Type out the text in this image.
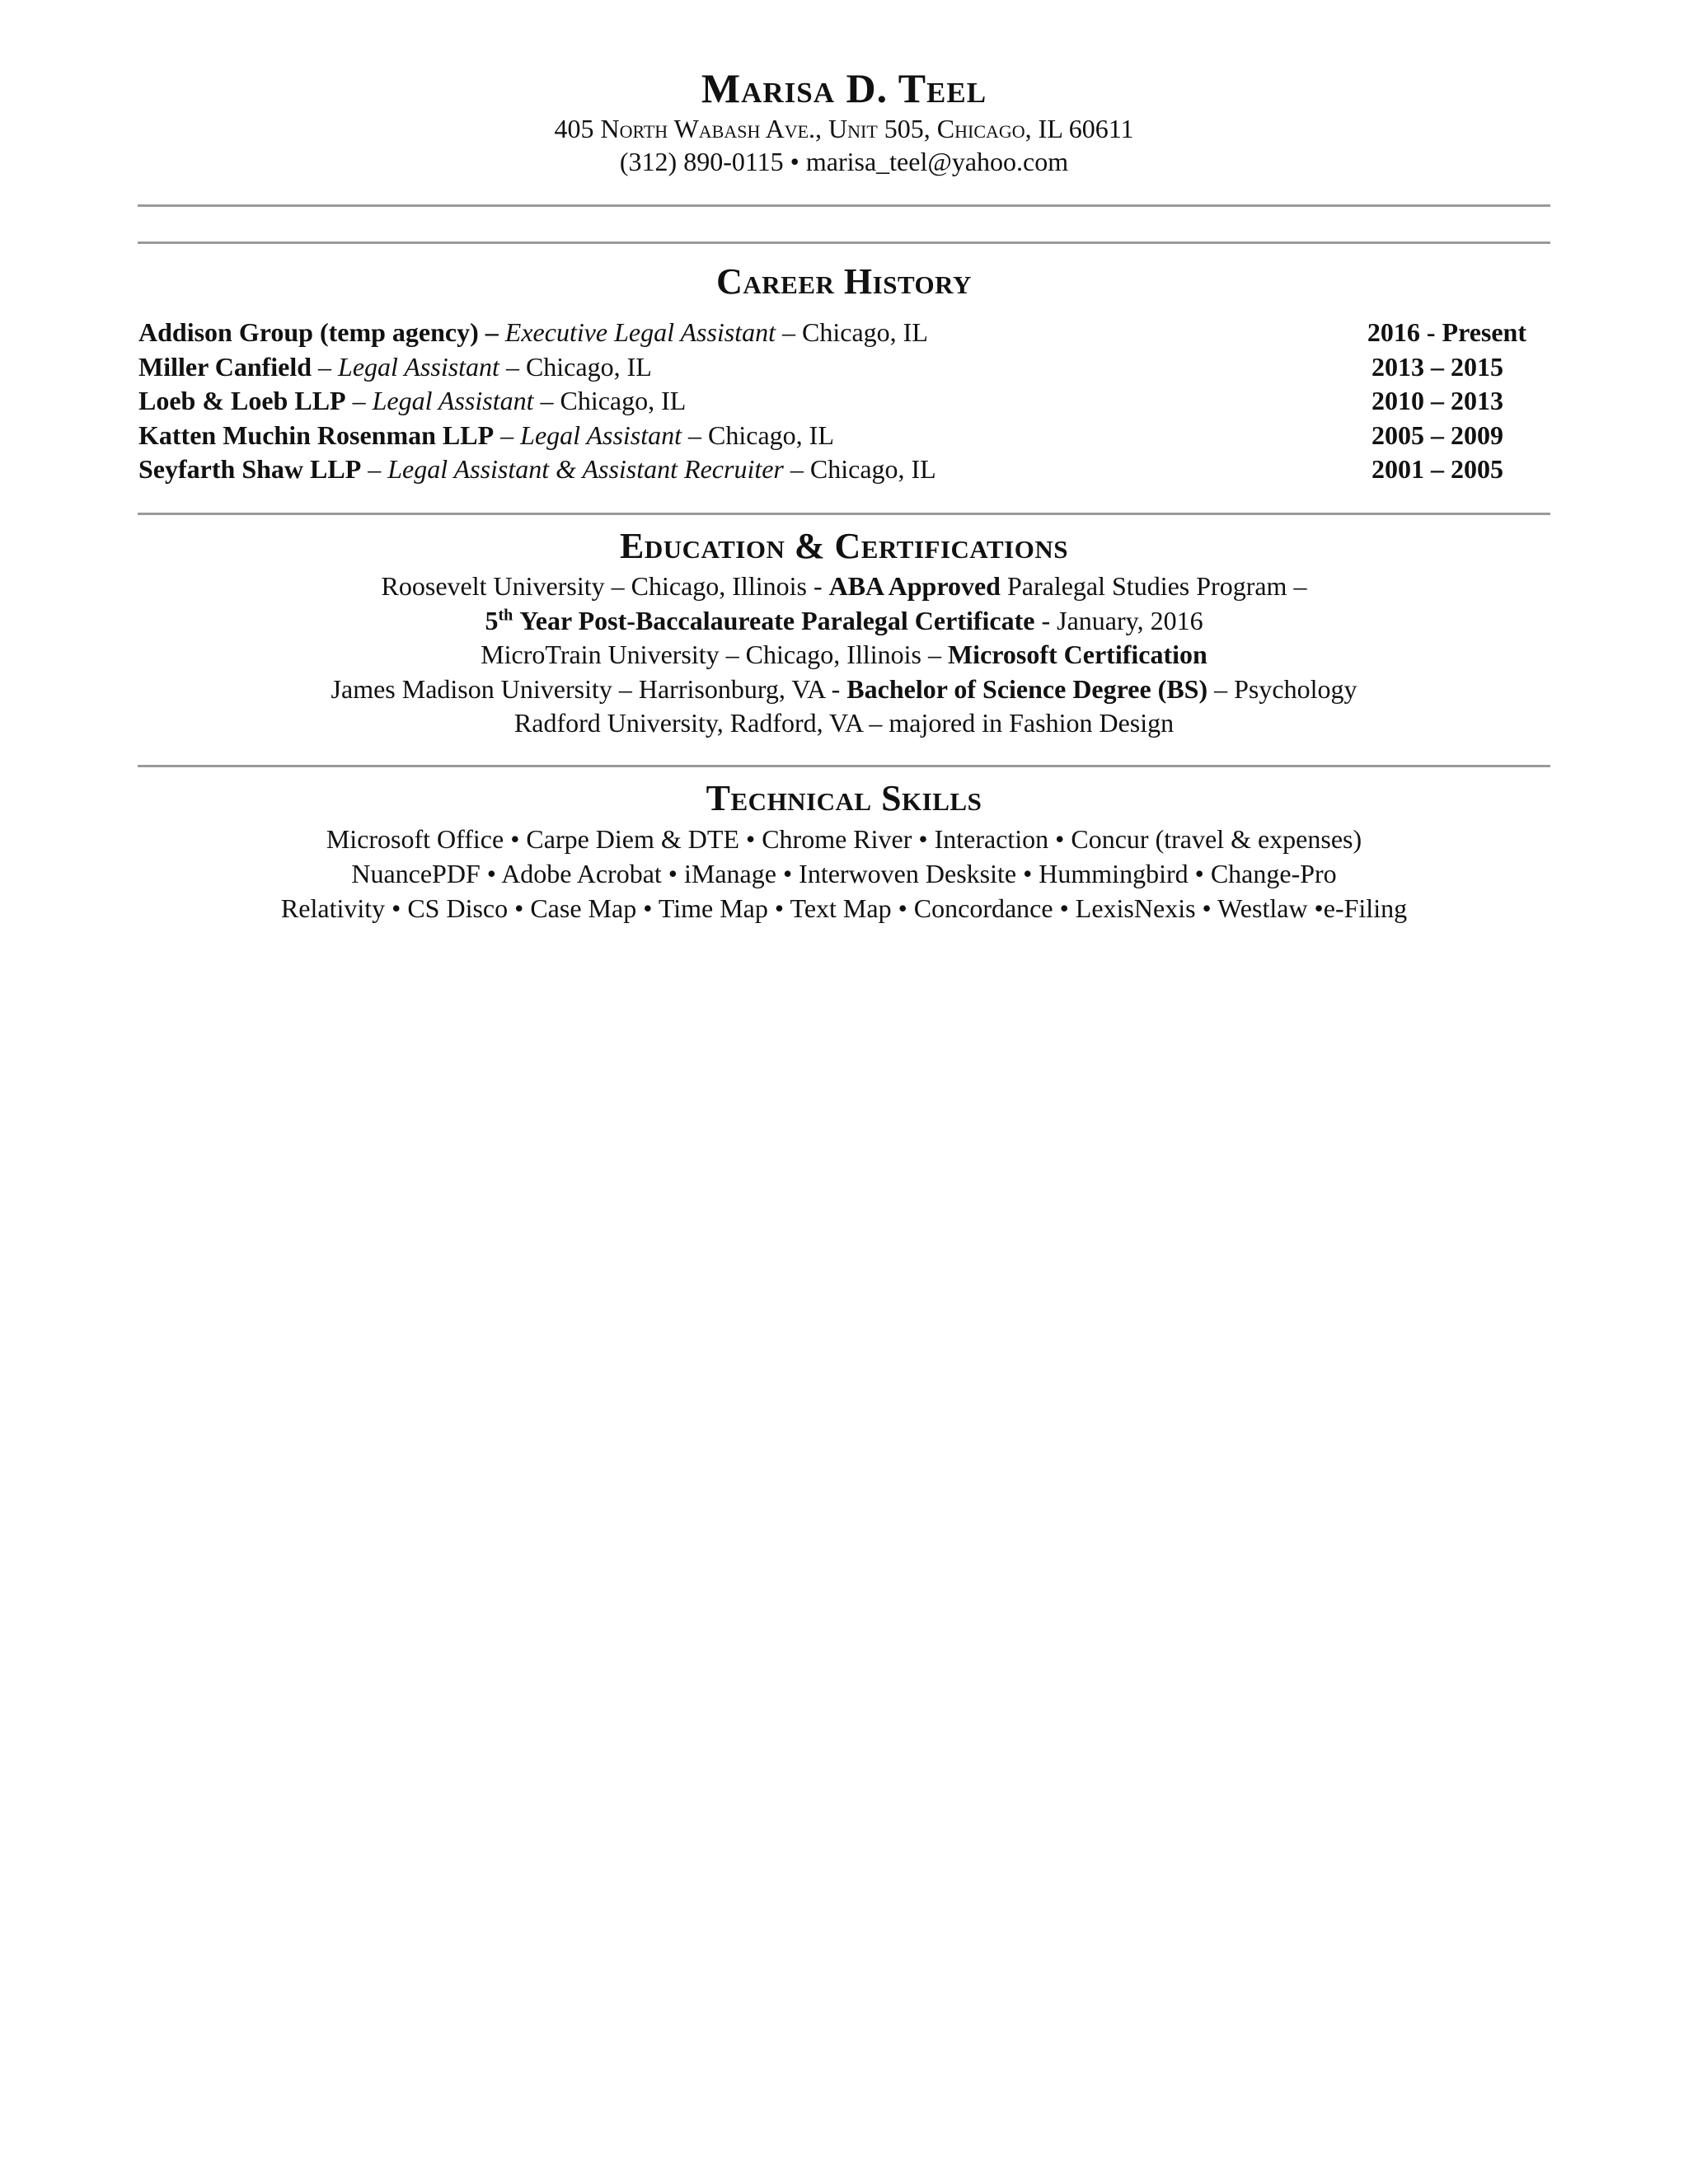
Marisa D. Teel
405 North Wabash Ave., Unit 505, Chicago, IL 60611
(312) 890-0115 • marisa_teel@yahoo.com
Career History
Addison Group (temp agency) – Executive Legal Assistant – Chicago, IL	2016 - Present
Miller Canfield – Legal Assistant – Chicago, IL	2013 – 2015
Loeb & Loeb LLP – Legal Assistant – Chicago, IL	2010 – 2013
Katten Muchin Rosenman LLP – Legal Assistant – Chicago, IL	2005 – 2009
Seyfarth Shaw LLP – Legal Assistant & Assistant Recruiter – Chicago, IL	2001 – 2005
Education & Certifications
Roosevelt University – Chicago, Illinois - ABA Approved Paralegal Studies Program –
5th Year Post-Baccalaureate Paralegal Certificate - January, 2016
MicroTrain University – Chicago, Illinois – Microsoft Certification
James Madison University – Harrisonburg, VA - Bachelor of Science Degree (BS) – Psychology
Radford University, Radford, VA – majored in Fashion Design
Technical Skills
Microsoft Office • Carpe Diem & DTE • Chrome River • Interaction • Concur (travel & expenses)
NuancePDF • Adobe Acrobat • iManage • Interwoven Desksite • Hummingbird • Change-Pro
Relativity • CS Disco • Case Map • Time Map • Text Map • Concordance • LexisNexis • Westlaw •e-Filing
